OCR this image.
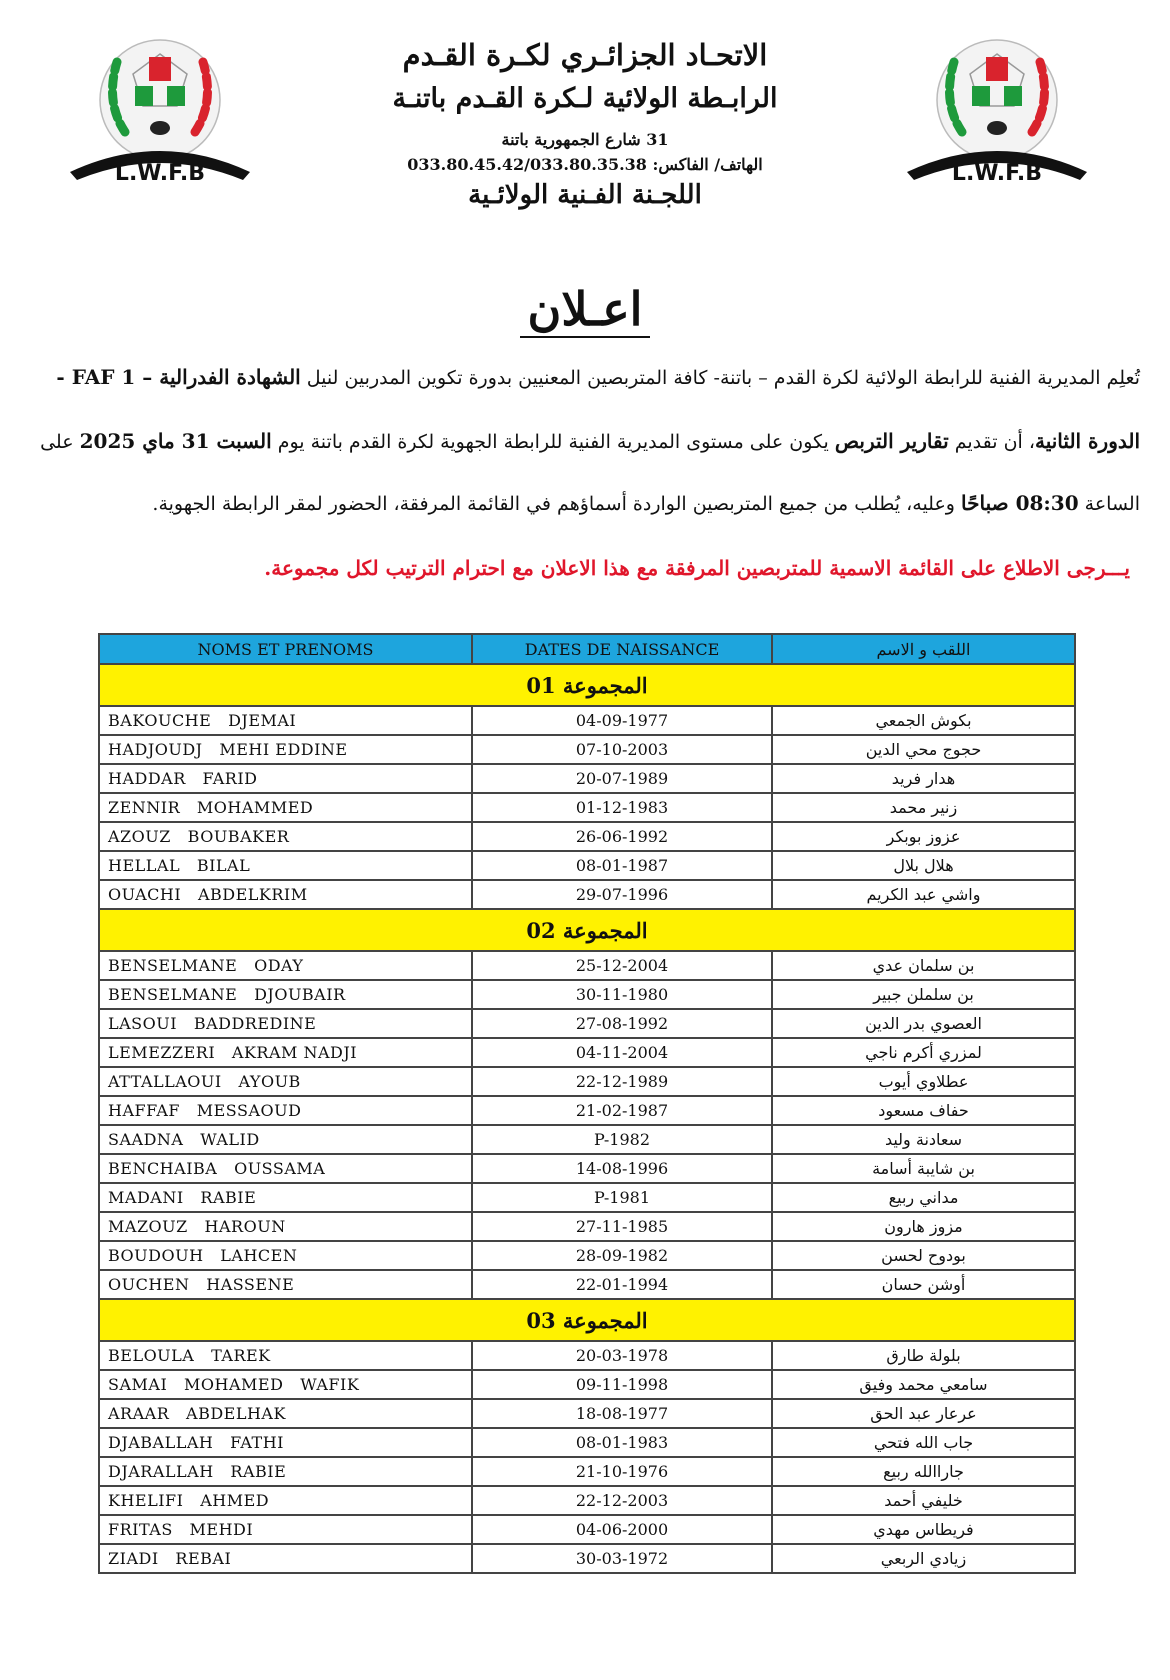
L.W.F.B	L.W.F.B
الاتحـاد الجزائـري لكـرة القـدم
الرابـطة الولائية لـكرة القـدم باتنـة
31 شارع الجمهورية باتنة
الهاتف/ الفاكس: 033.80.45.42/033.80.35.38
اللجـنة الفـنية الولائـية
اعـلان
تُعلِم المديرية الفنية للرابطة الولائية لكرة القدم – باتنة- كافة المتربصين المعنيين بدورة تكوين المدربين لنيل الشهادة الفدرالية – FAF 1 -
الدورة الثانية، أن تقديم تقارير التربص يكون على مستوى المديرية الفنية للرابطة الجهوية لكرة القدم باتنة يوم السبت 31 ماي 2025 على
الساعة 08:30 صباحًا وعليه، يُطلب من جميع المتربصين الواردة أسماؤهم في القائمة المرفقة، الحضور لمقر الرابطة الجهوية.
يـــرجى الاطلاع على القائمة الاسمية للمتربصين المرفقة مع هذا الاعلان مع احترام الترتيب لكل مجموعة.
NOMS ET PRENOMS	DATES DE NAISSANCE	اللقب و الاسم
المجموعة 01		
BAKOUCHE   DJEMAI	04-09-1977	بكوش الجمعي
HADJOUDJ   MEHI EDDINE	07-10-2003	حجوج محي الدين
HADDAR   FARID	20-07-1989	هدار فريد
ZENNIR   MOHAMMED	01-12-1983	زنير محمد
AZOUZ   BOUBAKER	26-06-1992	عزوز بوبكر
HELLAL   BILAL	08-01-1987	هلال بلال
OUACHI   ABDELKRIM	29-07-1996	واشي عبد الكريم
المجموعة 02		
BENSELMANE   ODAY	25-12-2004	بن سلمان عدي
BENSELMANE   DJOUBAIR	30-11-1980	بن سلملن جبير
LASOUI   BADDREDINE	27-08-1992	العصوي بدر الدين
LEMEZZERI   AKRAM NADJI	04-11-2004	لمزري أكرم ناجي
ATTALLAOUI   AYOUB	22-12-1989	عطلاوي أيوب
HAFFAF   MESSAOUD	21-02-1987	حفاف مسعود
SAADNA   WALID	P-1982	سعادنة وليد
BENCHAIBA   OUSSAMA	14-08-1996	بن شايبة أسامة
MADANI   RABIE	P-1981	مداني ربيع
MAZOUZ   HAROUN	27-11-1985	مزوز هارون
BOUDOUH   LAHCEN	28-09-1982	بودوح لحسن
OUCHEN   HASSENE	22-01-1994	أوشن حسان
المجموعة 03		
BELOULA   TAREK	20-03-1978	بلولة طارق
SAMAI   MOHAMED   WAFIK	09-11-1998	سامعي محمد وفيق
ARAAR   ABDELHAK	18-08-1977	عرعار عبد الحق
DJABALLAH   FATHI	08-01-1983	جاب الله فتحي
DJARALLAH   RABIE	21-10-1976	جاراالله ربيع
KHELIFI   AHMED	22-12-2003	خليفي أحمد
FRITAS   MEHDI	04-06-2000	فريطاس مهدي
ZIADI   REBAI	30-03-1972	زيادي الربعي
